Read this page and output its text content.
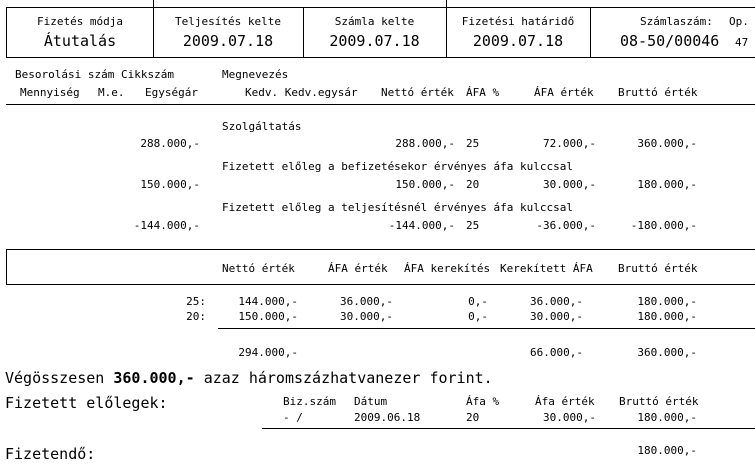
Fizetés módja
Átutalás
Teljesítés kelte
2009.07.18
Számla kelte
2009.07.18
Fizetési határidő
2009.07.18
Számlaszám: Op.
08-50/00046 47
Besorolási szám Cikkszám	Megnevezés
Mennyiség M.e. Egységár	Kedv. Kedv.egysár Nettó érték ÁFA %	ÁFA érték Bruttó érték
Szolgáltatás
288.000,-	288.000,- 25	72.000,-	360.000,-
Fizetett előleg a befizetésekor érvényes áfa kulccsal
150.000,-	150.000,- 20	30.000,-	180.000,-
Fizetett előleg a teljesítésnél érvényes áfa kulccsal
-144.000,-	-144.000,- 25	-36.000,-	-180.000,-
Nettó érték	ÁFA érték ÁFA kerekítés Kerekített ÁFA Bruttó érték
25:	144.000,-	36.000,-	0,-	36.000,-	180.000,-
20:	150.000,-	30.000,-	0,-	30.000,-	180.000,-
294.000,-	66.000,-	360.000,-
Végösszesen 360.000,- azaz háromszázhatvanezer forint.
Fizetett előlegek:	Biz.szám Dátum	Áfa %	Áfa érték Bruttó érték
- /	2009.06.18	20	30.000,-	180.000,-
Fizetendő:	180.000,-
